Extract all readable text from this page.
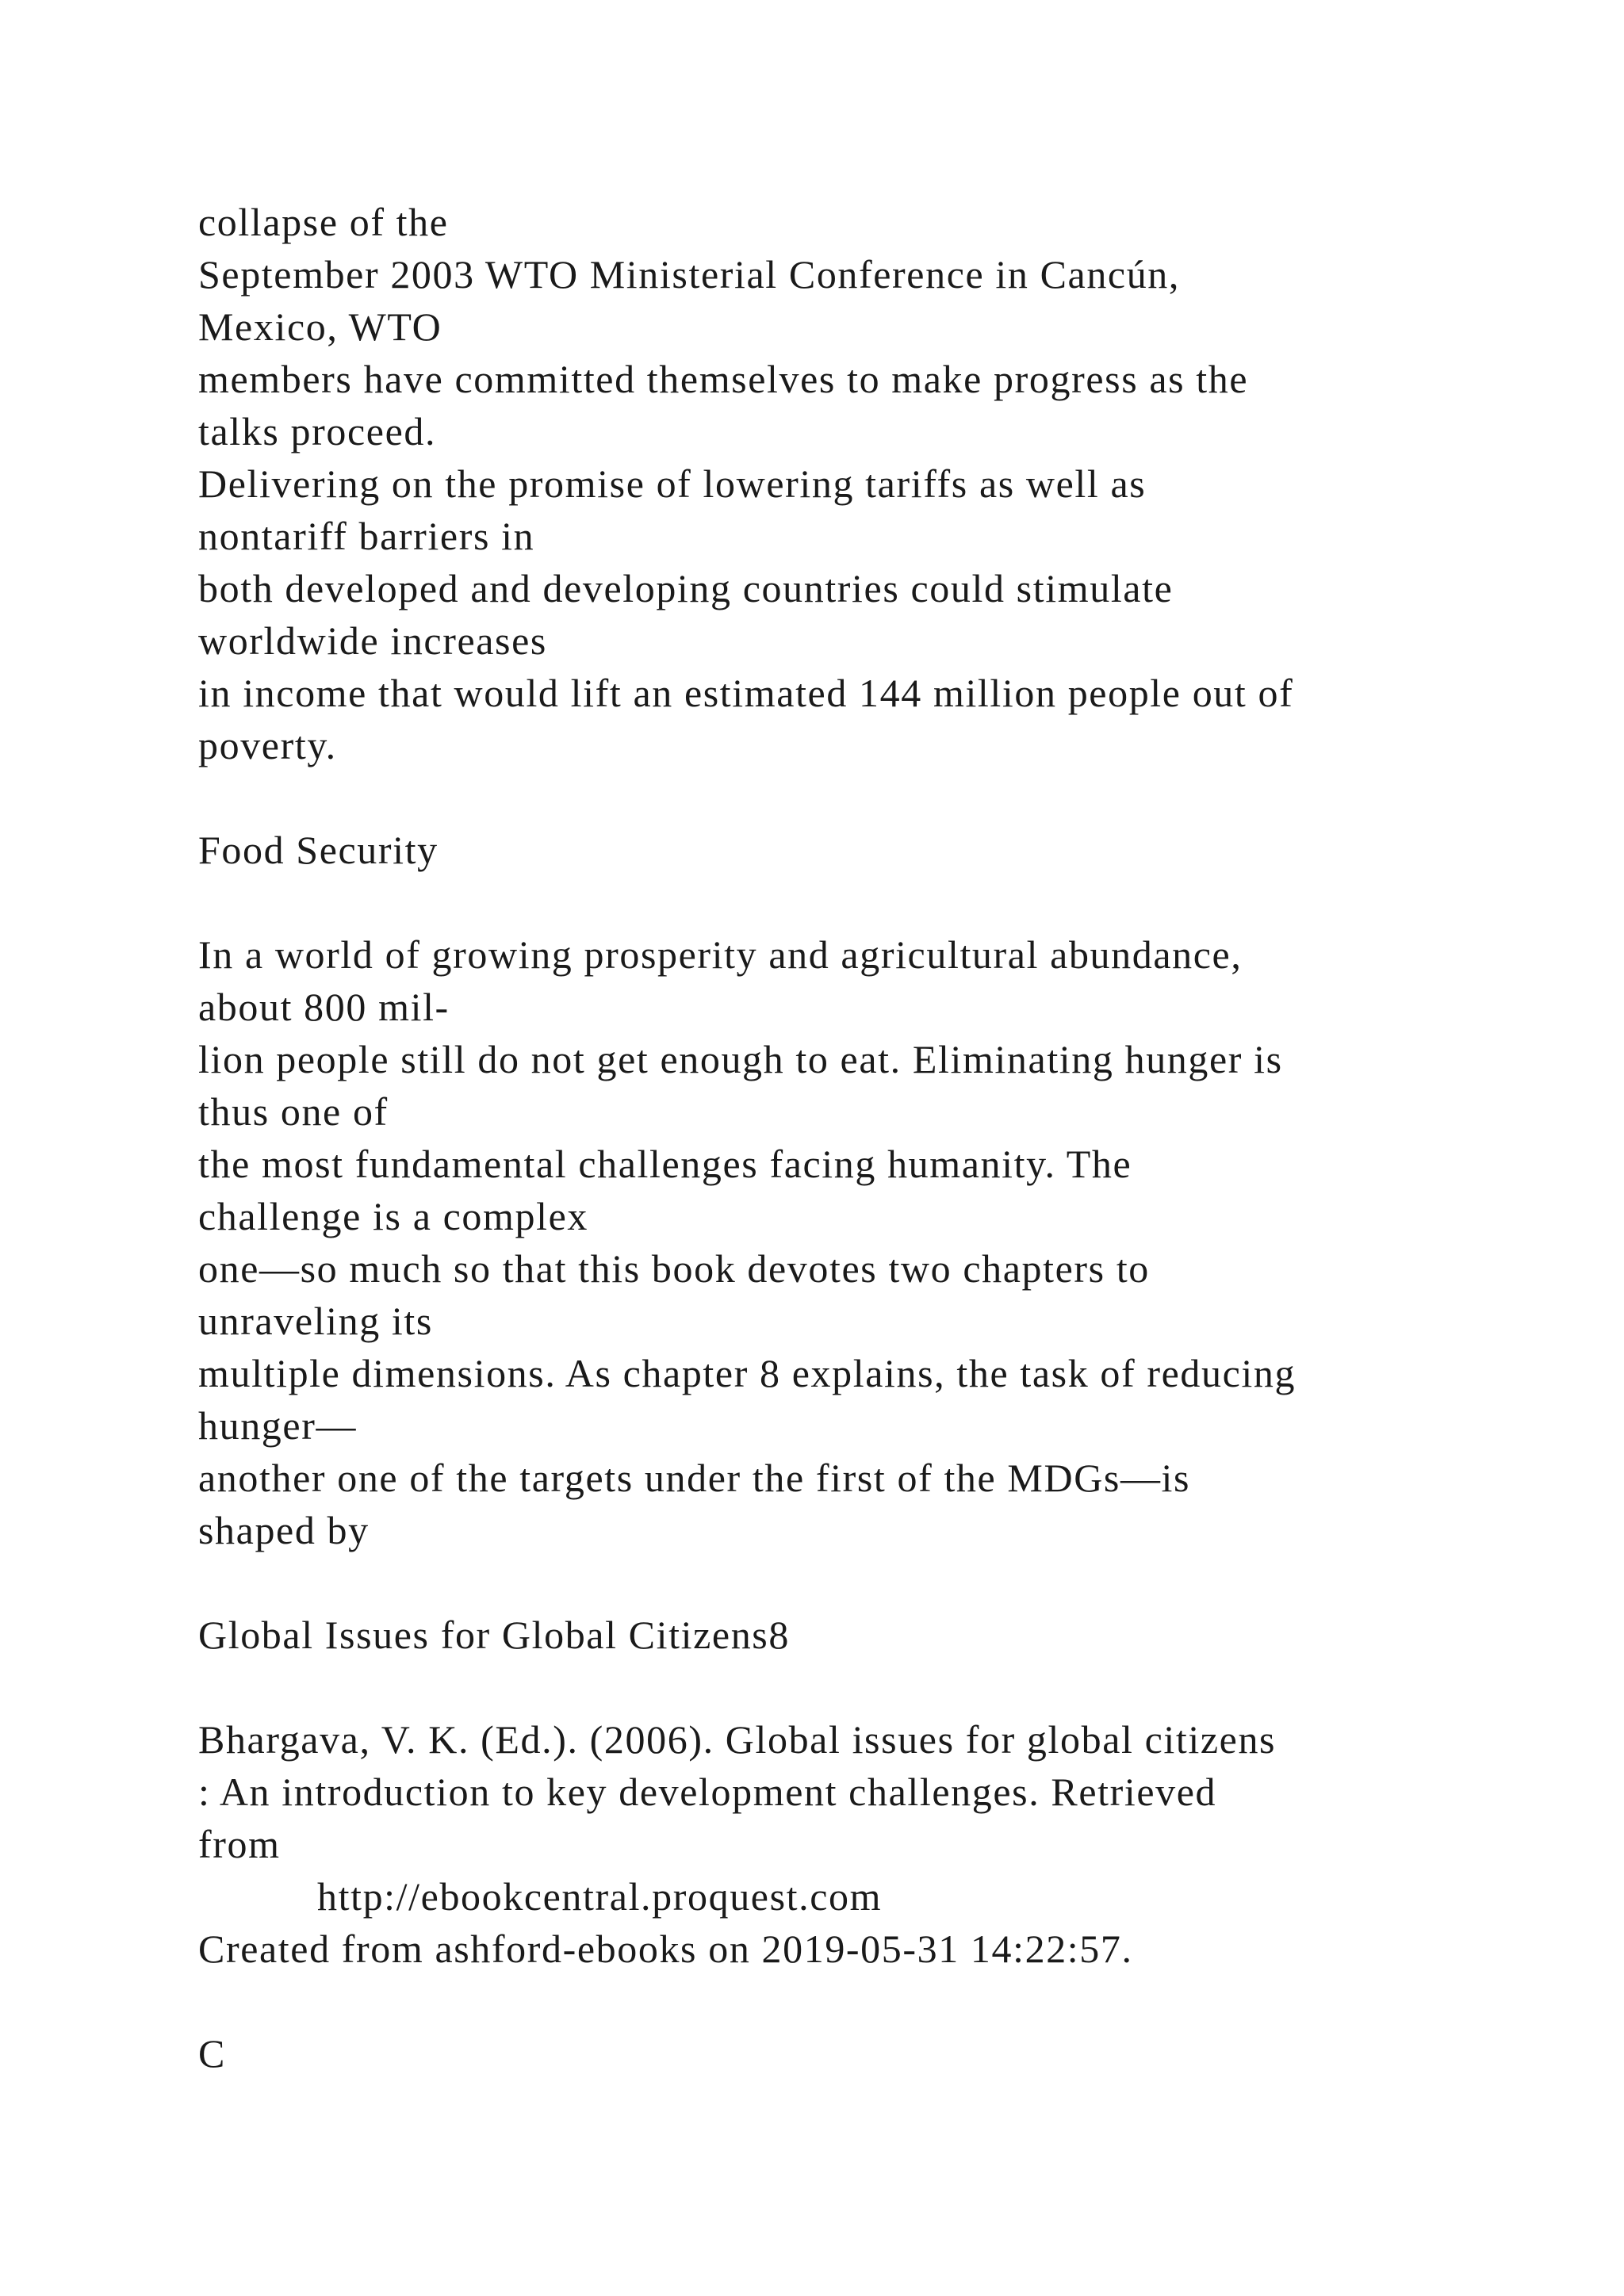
collapse of the
September 2003 WTO Ministerial Conference in Cancún,
Mexico, WTO
members have committed themselves to make progress as the
talks proceed.
Delivering on the promise of lowering tariffs as well as
nontariff barriers in
both developed and developing countries could stimulate
worldwide increases
in income that would lift an estimated 144 million people out of
poverty.
Food Security
In a world of growing prosperity and agricultural abundance,
about 800 mil-
lion people still do not get enough to eat. Eliminating hunger is
thus one of
the most fundamental challenges facing humanity. The
challenge is a complex
one—so much so that this book devotes two chapters to
unraveling its
multiple dimensions. As chapter 8 explains, the task of reducing
hunger—
another one of the targets under the first of the MDGs—is
shaped by
Global Issues for Global Citizens8
Bhargava, V. K. (Ed.). (2006). Global issues for global citizens
: An introduction to key development challenges. Retrieved
from
http://ebookcentral.proquest.com
Created from ashford-ebooks on 2019-05-31 14:22:57.
C
